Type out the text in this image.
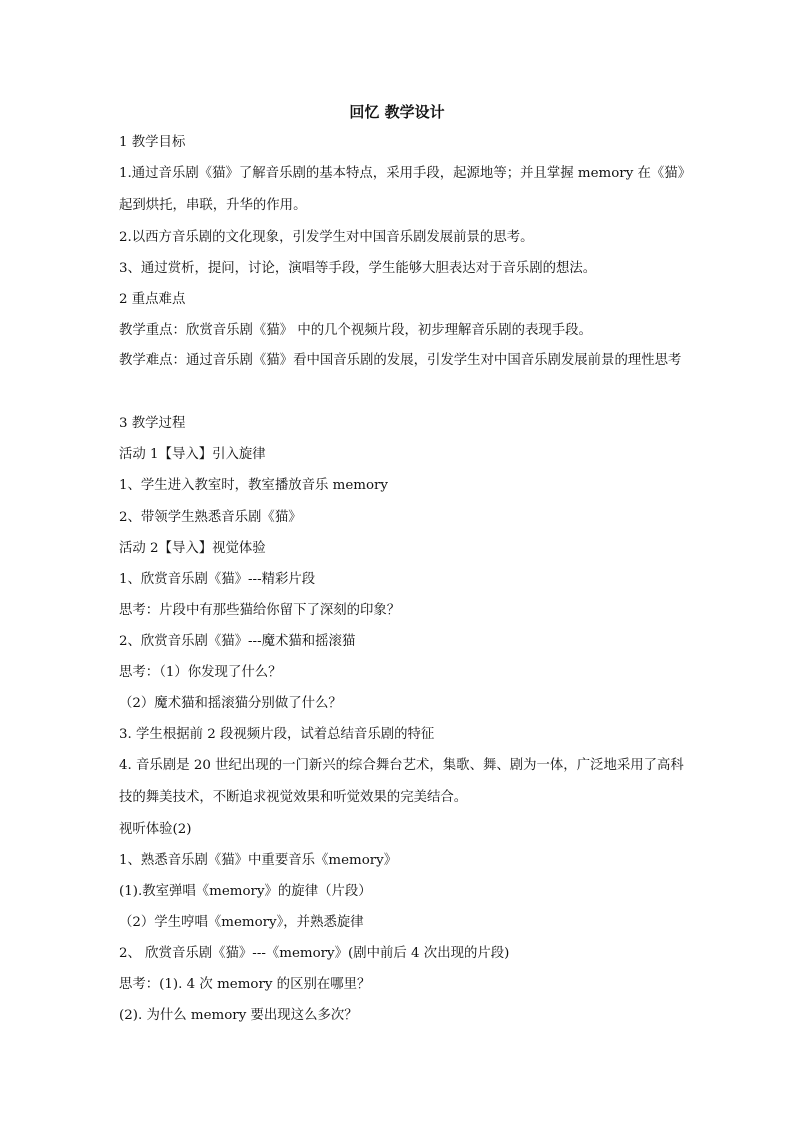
回忆 教学设计
1 教学目标
1.通过音乐剧《猫》了解音乐剧的基本特点，采用手段，起源地等；并且掌握 memory 在《猫》起到烘托，串联，升华的作用。
2.以西方音乐剧的文化现象，引发学生对中国音乐剧发展前景的思考。
3、通过赏析，提问，讨论，演唱等手段，学生能够大胆表达对于音乐剧的想法。
2 重点难点
教学重点：欣赏音乐剧《猫》 中的几个视频片段，初步理解音乐剧的表现手段。
教学难点：通过音乐剧《猫》看中国音乐剧的发展，引发学生对中国音乐剧发展前景的理性思考
3 教学过程
活动 1【导入】引入旋律
1、学生进入教室时，教室播放音乐 memory
2、带领学生熟悉音乐剧《猫》
活动 2【导入】视觉体验
1、欣赏音乐剧《猫》---精彩片段
思考：片段中有那些猫给你留下了深刻的印象？
2、欣赏音乐剧《猫》---魔术猫和摇滚猫
思考：（1）你发现了什么？
（2）魔术猫和摇滚猫分别做了什么？
3. 学生根据前 2 段视频片段，试着总结音乐剧的特征
4. 音乐剧是 20 世纪出现的一门新兴的综合舞台艺术，集歌、舞、剧为一体，广泛地采用了高科技的舞美技术，不断追求视觉效果和听觉效果的完美结合。
视听体验(2)
1、熟悉音乐剧《猫》中重要音乐《memory》
(1).教室弹唱《memory》的旋律（片段）
（2）学生哼唱《memory》，并熟悉旋律
2、 欣赏音乐剧《猫》---《memory》(剧中前后 4 次出现的片段)
思考：(1). 4 次 memory 的区别在哪里？
(2). 为什么 memory 要出现这么多次？
